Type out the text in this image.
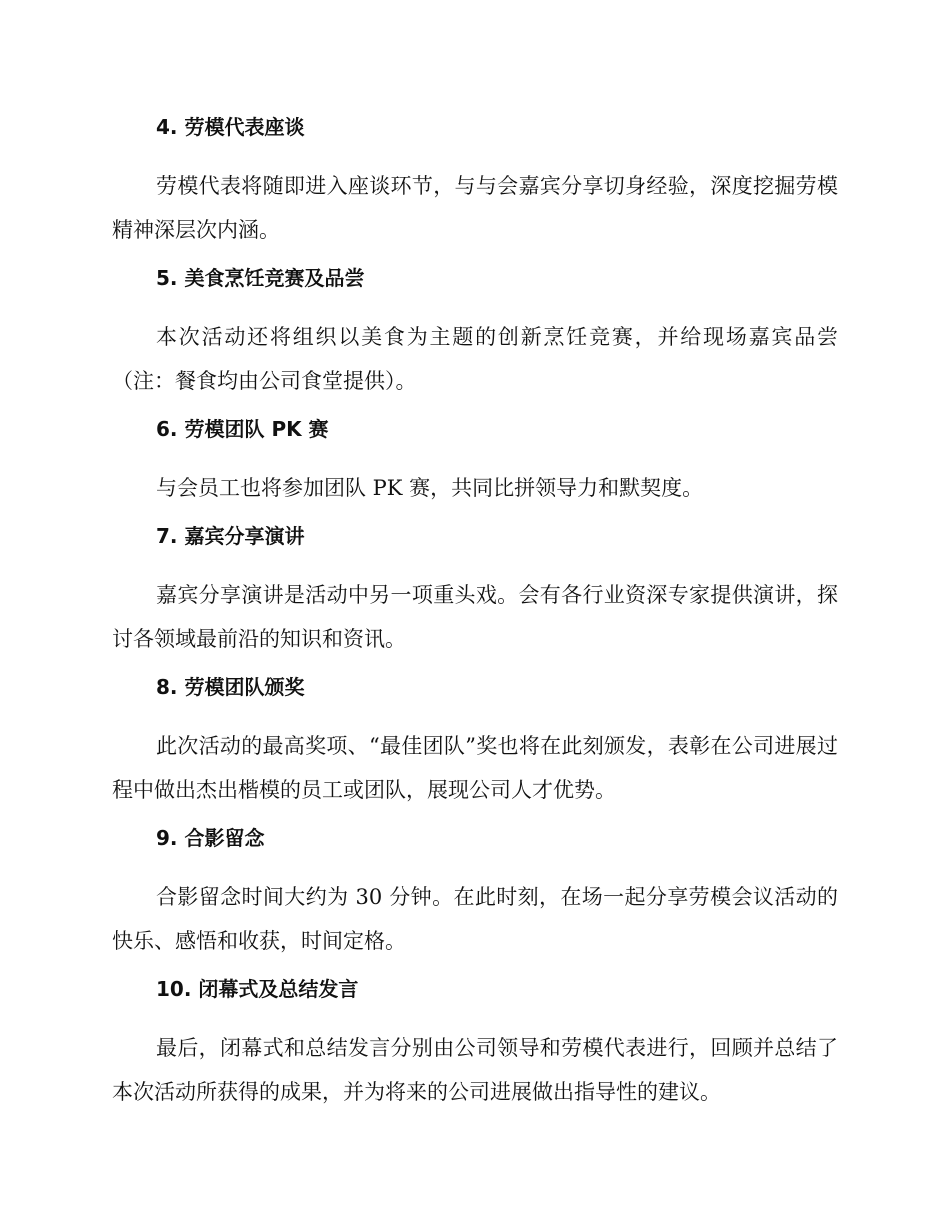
4. 劳模代表座谈

劳模代表将随即进入座谈环节，与与会嘉宾分享切身经验，深度挖掘劳模精神深层次内涵。

5. 美食烹饪竞赛及品尝

本次活动还将组织以美食为主题的创新烹饪竞赛，并给现场嘉宾品尝（注：餐食均由公司食堂提供）。

6. 劳模团队 PK 赛

与会员工也将参加团队 PK 赛，共同比拼领导力和默契度。

7. 嘉宾分享演讲

嘉宾分享演讲是活动中另一项重头戏。会有各行业资深专家提供演讲，探讨各领域最前沿的知识和资讯。

8. 劳模团队颁奖

此次活动的最高奖项、“最佳团队”奖也将在此刻颁发，表彰在公司进展过程中做出杰出楷模的员工或团队，展现公司人才优势。

9. 合影留念

合影留念时间大约为 30 分钟。在此时刻，在场一起分享劳模会议活动的快乐、感悟和收获，时间定格。

10. 闭幕式及总结发言

最后，闭幕式和总结发言分别由公司领导和劳模代表进行，回顾并总结了本次活动所获得的成果，并为将来的公司进展做出指导性的建议。
